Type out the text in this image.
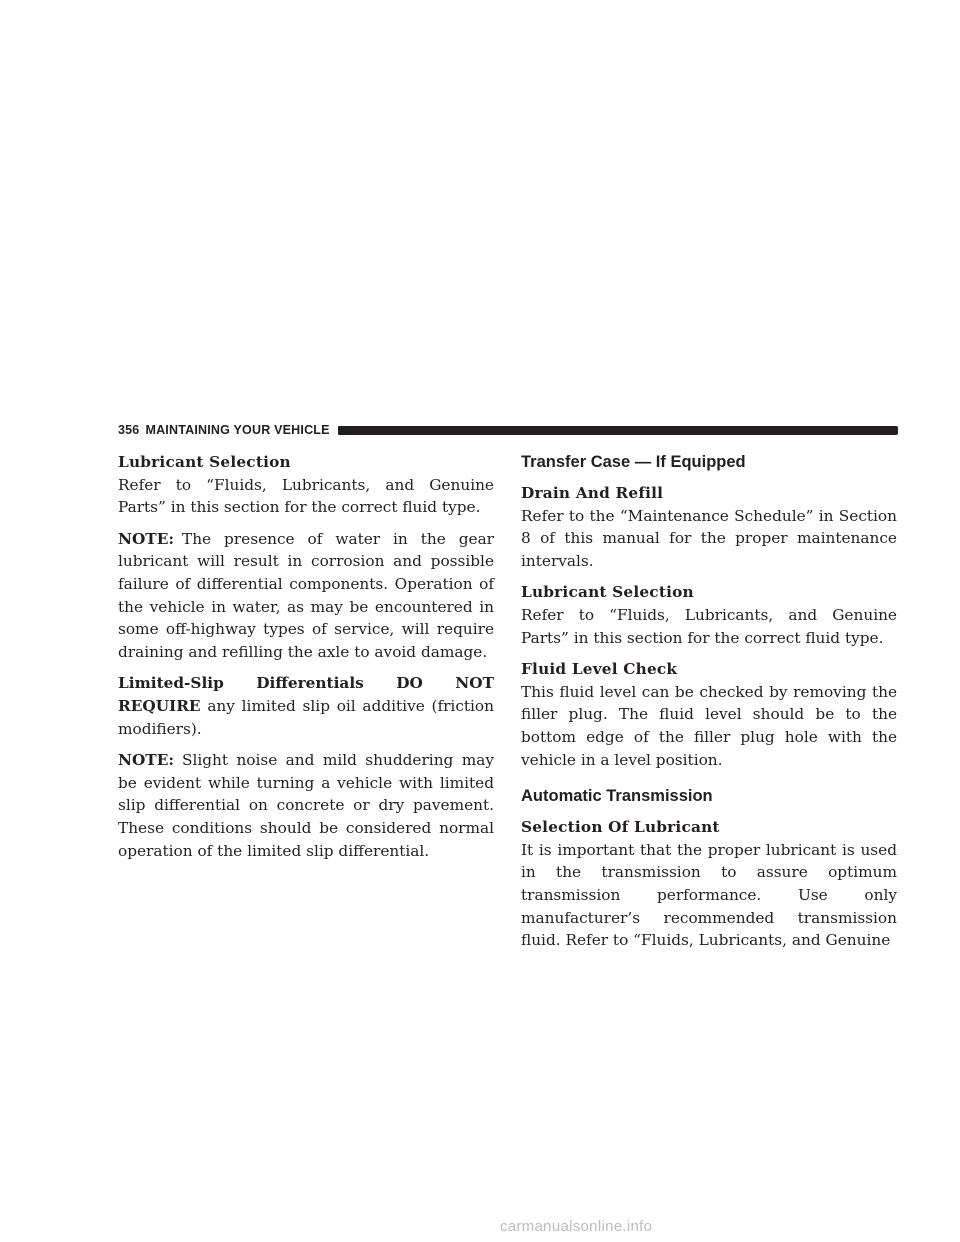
356 MAINTAINING YOUR VEHICLE
Lubricant Selection

Refer to “Fluids, Lubricants, and Genuine Parts” in this section for the correct fluid type.

NOTE: The presence of water in the gear lubricant will result in corrosion and possible failure of differential components. Operation of the vehicle in water, as may be encountered in some off-highway types of service, will require draining and refilling the axle to avoid damage.

Limited-Slip Differentials DO NOT REQUIRE any limited slip oil additive (friction modifiers).

NOTE: Slight noise and mild shuddering may be evident while turning a vehicle with limited slip differential on concrete or dry pavement. These conditions should be considered normal operation of the limited slip differential.

Transfer Case — If Equipped
Drain And Refill

Refer to the “Maintenance Schedule” in Section 8 of this manual for the proper maintenance intervals.

Lubricant Selection

Refer to “Fluids, Lubricants, and Genuine Parts” in this section for the correct fluid type.

Fluid Level Check

This fluid level can be checked by removing the filler plug. The fluid level should be to the bottom edge of the filler plug hole with the vehicle in a level position.

Automatic Transmission
Selection Of Lubricant

It is important that the proper lubricant is used in the transmission to assure optimum transmission performance. Use only manufacturer’s recommended transmission fluid. Refer to “Fluids, Lubricants, and Genuine

carmanualsonline.info
